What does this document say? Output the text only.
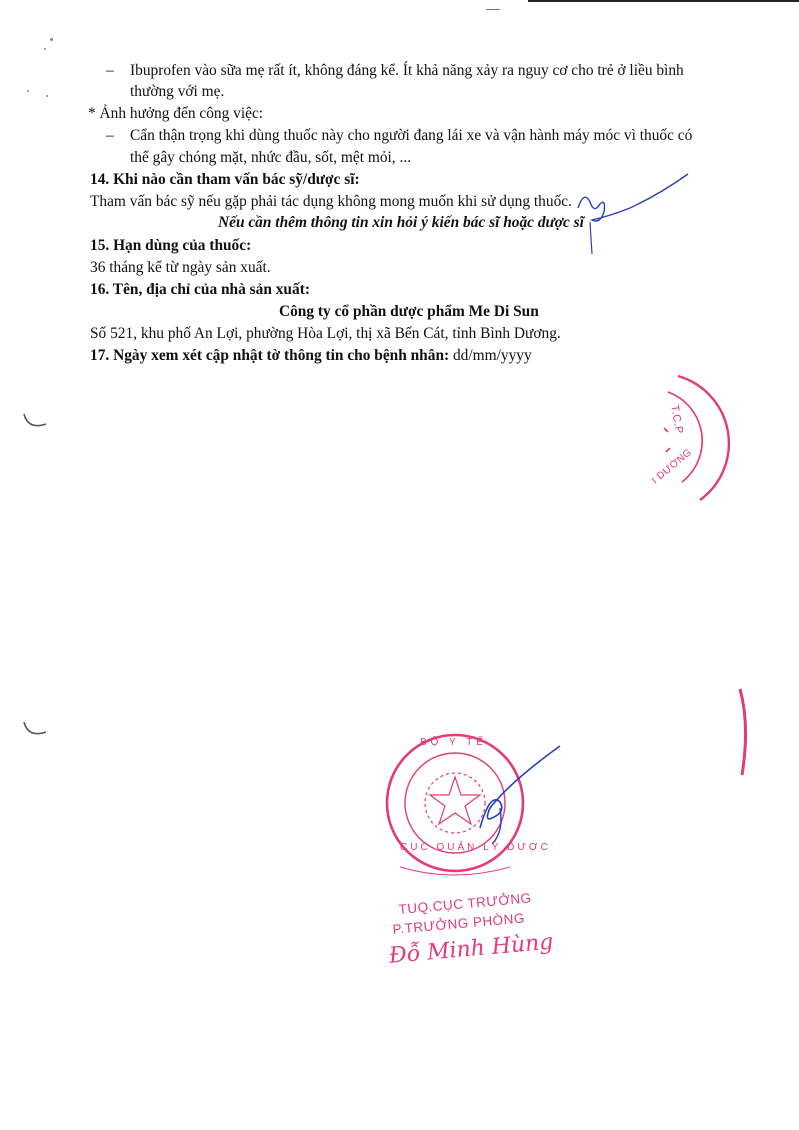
– Ibuprofen vào sữa mẹ rất ít, không đáng kể. Ít khả năng xảy ra nguy cơ cho trẻ ở liều bình
thường với mẹ.
* Ảnh hưởng đến công việc:
– Cẩn thận trọng khi dùng thuốc này cho người đang lái xe và vận hành máy móc vì thuốc có
thể gây chóng mặt, nhức đầu, sốt, mệt mỏi, ...
14. Khi nào cần tham vấn bác sỹ/dược sĩ:
Tham vấn bác sỹ nếu gặp phải tác dụng không mong muốn khi sử dụng thuốc.
Nếu cần thêm thông tin xin hỏi ý kiến bác sĩ hoặc dược sĩ
15. Hạn dùng của thuốc:
36 tháng kể từ ngày sản xuất.
16. Tên, địa chỉ của nhà sản xuất:
Công ty cổ phần dược phẩm Me Di Sun
Số 521, khu phố An Lợi, phường Hòa Lợi, thị xã Bến Cát, tỉnh Bình Dương.
17. Ngày xem xét cập nhật tờ thông tin cho bệnh nhân: dd/mm/yyyy
T.C.P
I DƯƠNG
BỘ Y TẾ
CỤC QUẢN LÝ DƯỢC
TUQ.CỤC TRƯỞNG
P.TRƯỞNG PHÒNG
Đỗ Minh Hùng
